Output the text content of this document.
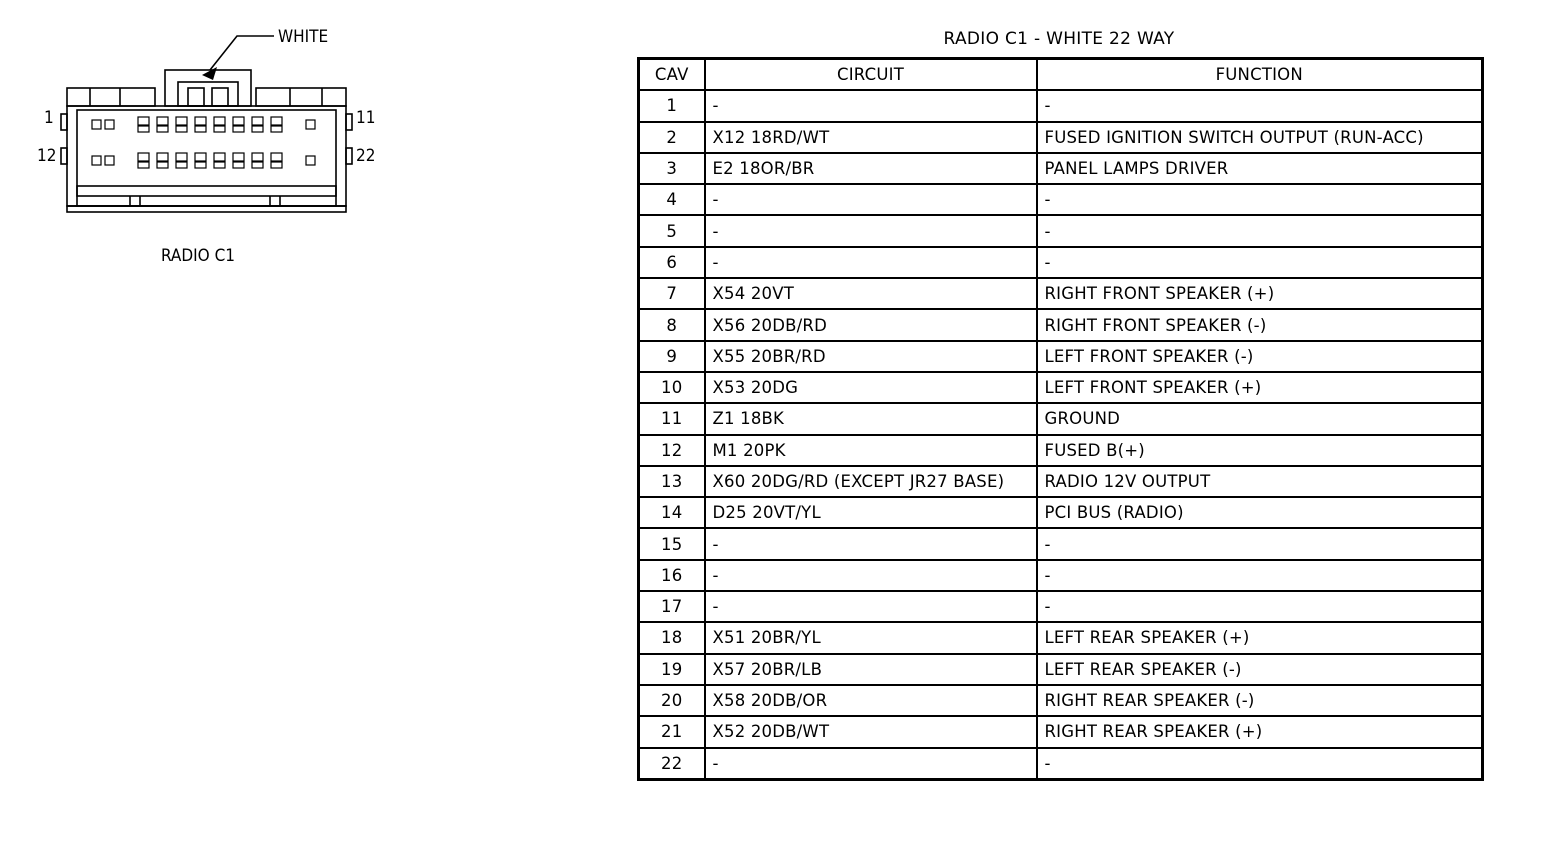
WHITE
1	11
12	22
RADIO C1
RADIO C1 - WHITE 22 WAY
CAV	CIRCUIT	FUNCTION
1	-	-
2	X12 18RD/WT	FUSED IGNITION SWITCH OUTPUT (RUN-ACC)
3	E2 18OR/BR	PANEL LAMPS DRIVER
4	-	-
5	-	-
6	-	-
7	X54 20VT	RIGHT FRONT SPEAKER (+)
8	X56 20DB/RD	RIGHT FRONT SPEAKER (-)
9	X55 20BR/RD	LEFT FRONT SPEAKER (-)
10	X53 20DG	LEFT FRONT SPEAKER (+)
11	Z1 18BK	GROUND
12	M1 20PK	FUSED B(+)
13	X60 20DG/RD (EXCEPT JR27 BASE)	RADIO 12V OUTPUT
14	D25 20VT/YL	PCI BUS (RADIO)
15	-	-
16	-	-
17	-	-
18	X51 20BR/YL	LEFT REAR SPEAKER (+)
19	X57 20BR/LB	LEFT REAR SPEAKER (-)
20	X58 20DB/OR	RIGHT REAR SPEAKER (-)
21	X52 20DB/WT	RIGHT REAR SPEAKER (+)
22	-	-
